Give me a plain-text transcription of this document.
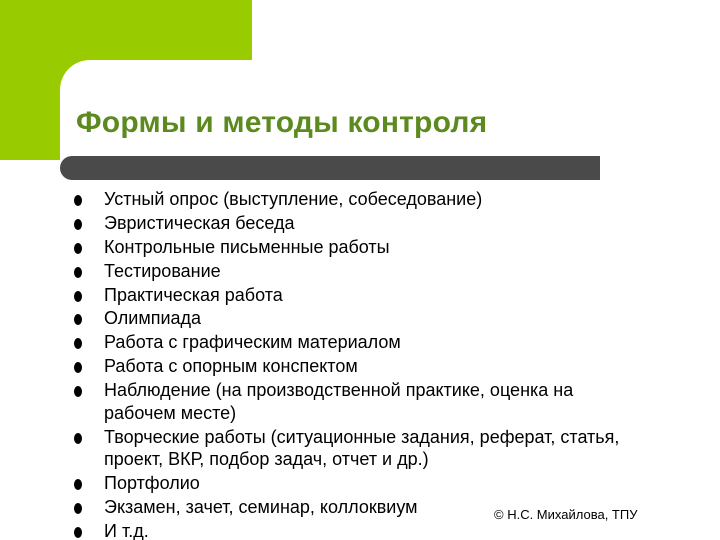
Формы и методы контроля
Устный опрос (выступление, собеседование)
Эвристическая беседа
Контрольные письменные работы
Тестирование
Практическая работа
Олимпиада
Работа с графическим материалом
Работа с опорным конспектом
Наблюдение (на производственной практике, оценка на рабочем месте)
Творческие работы (ситуационные задания, реферат, статья, проект, ВКР, подбор задач, отчет и др.)
Портфолио
Экзамен, зачет, семинар, коллоквиум
И т.д.
© Н.С. Михайлова, ТПУ
